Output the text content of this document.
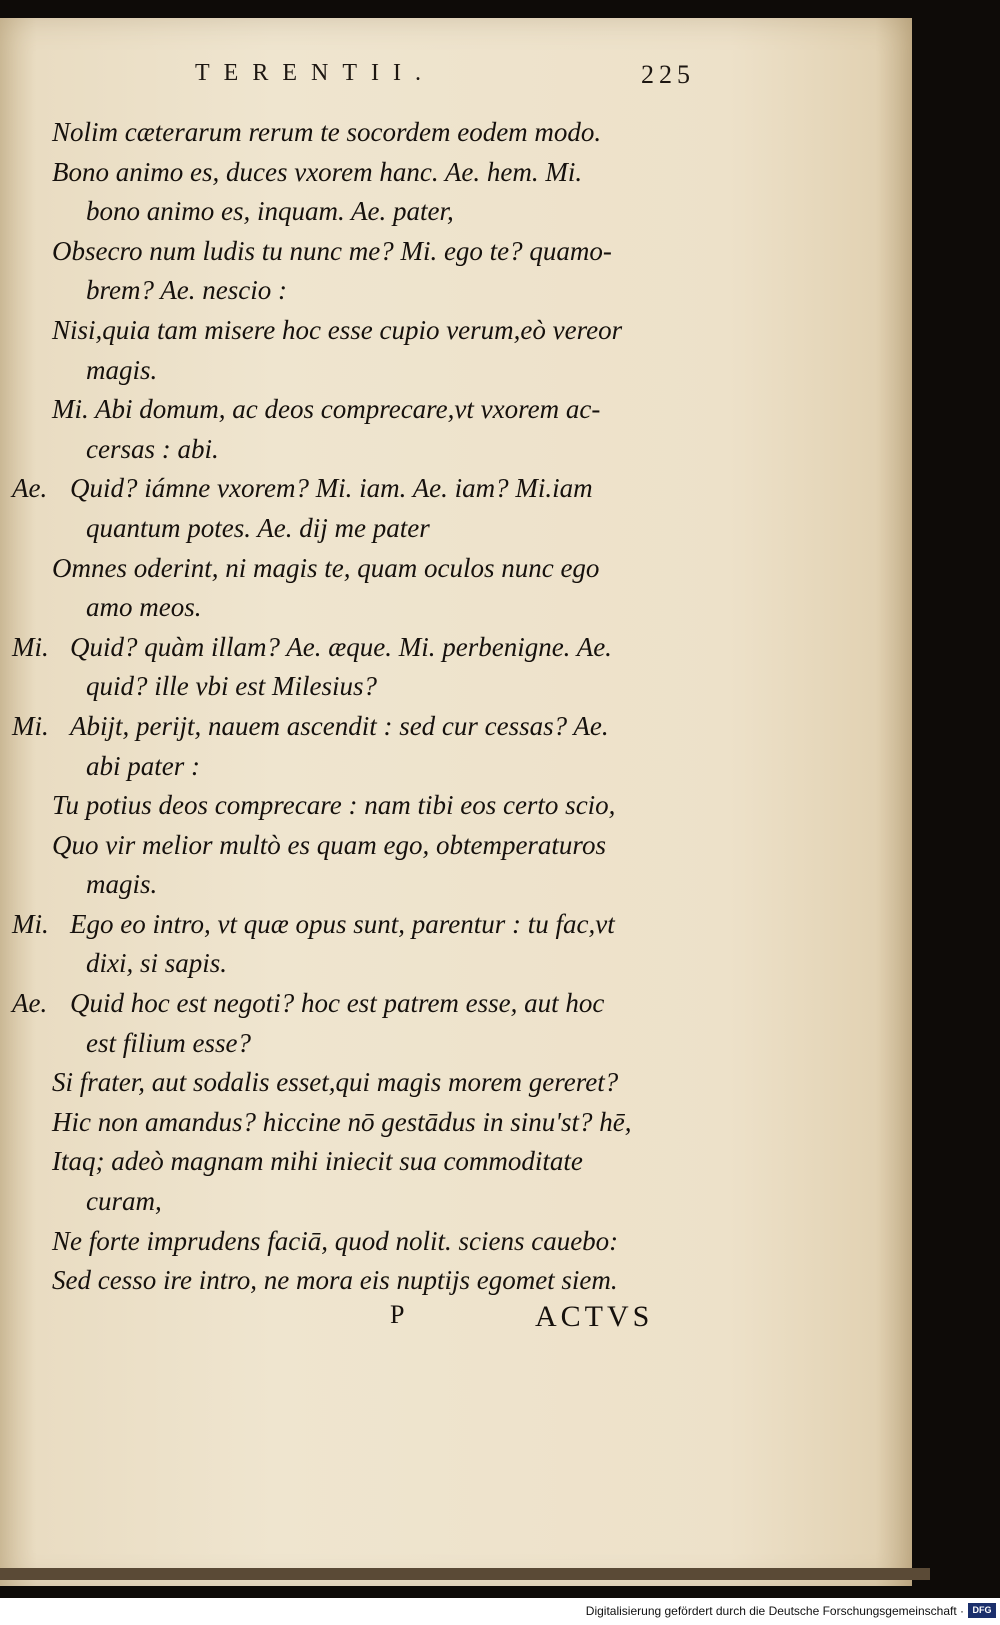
TERENTII.	225
Nolim cæterarum rerum te socordem eodem modo.
Bono animo es, duces vxorem hanc. Ae. hem. Mi.
bono animo es, inquam. Ae. pater,
Obsecro num ludis tu nunc me? Mi. ego te? quamo-
brem? Ae. nescio :
Nisi,quia tam misere hoc esse cupio verum,eò vereor
magis.
Mi. Abi domum, ac deos comprecare,vt vxorem ac-
cersas : abi.
Ae. Quid? iámne vxorem? Mi. iam. Ae. iam? Mi.iam
quantum potes. Ae. dij me pater
Omnes oderint, ni magis te, quam oculos nunc ego
amo meos.
Mi. Quid? quàm illam? Ae. æque. Mi. perbenigne. Ae.
quid? ille vbi est Milesius?
Mi. Abijt, perijt, nauem ascendit : sed cur cessas? Ae.
abi pater :
Tu potius deos comprecare : nam tibi eos certo scio,
Quo vir melior multò es quam ego, obtemperaturos
magis.
Mi. Ego eo intro, vt quæ opus sunt, parentur : tu fac,vt
dixi, si sapis.
Ae. Quid hoc est negoti? hoc est patrem esse, aut hoc
est filium esse?
Si frater, aut sodalis esset,qui magis morem gereret?
Hic non amandus? hiccine nō gestādus in sinu'st? hē,
Itaq; adeò magnam mihi iniecit sua commoditate
curam,
Ne forte imprudens faciā, quod nolit. sciens cauebo:
Sed cesso ire intro, ne mora eis nuptijs egomet siem.
P	ACTVS
Digitalisierung gefördert durch die Deutsche Forschungsgemeinschaft · DFG
